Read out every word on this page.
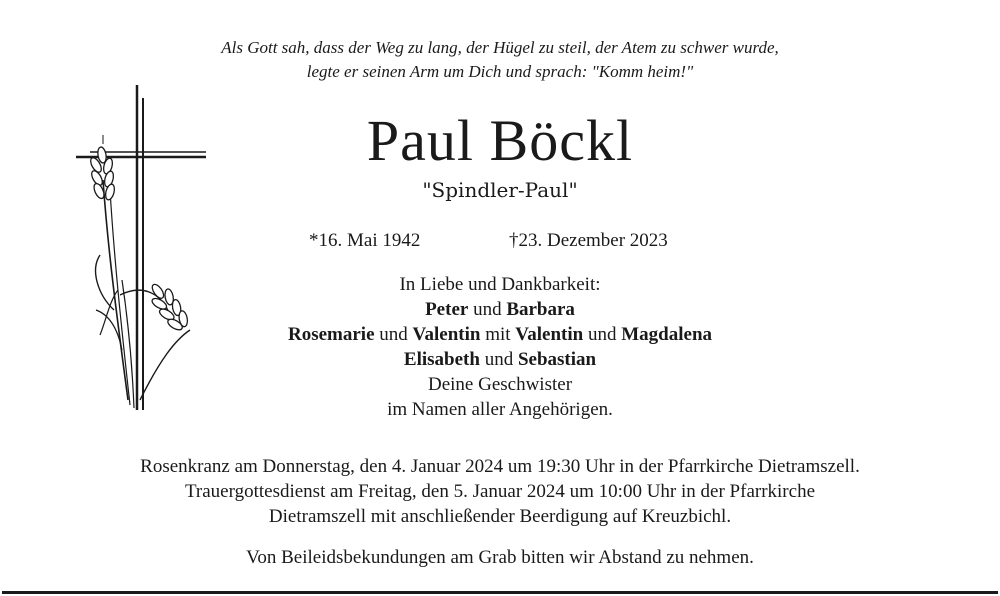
Als Gott sah, dass der Weg zu lang, der Hügel zu steil, der Atem zu schwer wurde,
legte er seinen Arm um Dich und sprach: "Komm heim!"
Paul Böckl
"Spindler-Paul"
*16. Mai 1942	†23. Dezember 2023
In Liebe und Dankbarkeit:
Peter und Barbara
Rosemarie und Valentin mit Valentin und Magdalena
Elisabeth und Sebastian
Deine Geschwister
im Namen aller Angehörigen.
Rosenkranz am Donnerstag, den 4. Januar 2024 um 19:30 Uhr in der Pfarrkirche Dietramszell.
Trauergottesdienst am Freitag, den 5. Januar 2024 um 10:00 Uhr in der Pfarrkirche
Dietramszell mit anschließender Beerdigung auf Kreuzbichl.
Von Beileidsbekundungen am Grab bitten wir Abstand zu nehmen.
